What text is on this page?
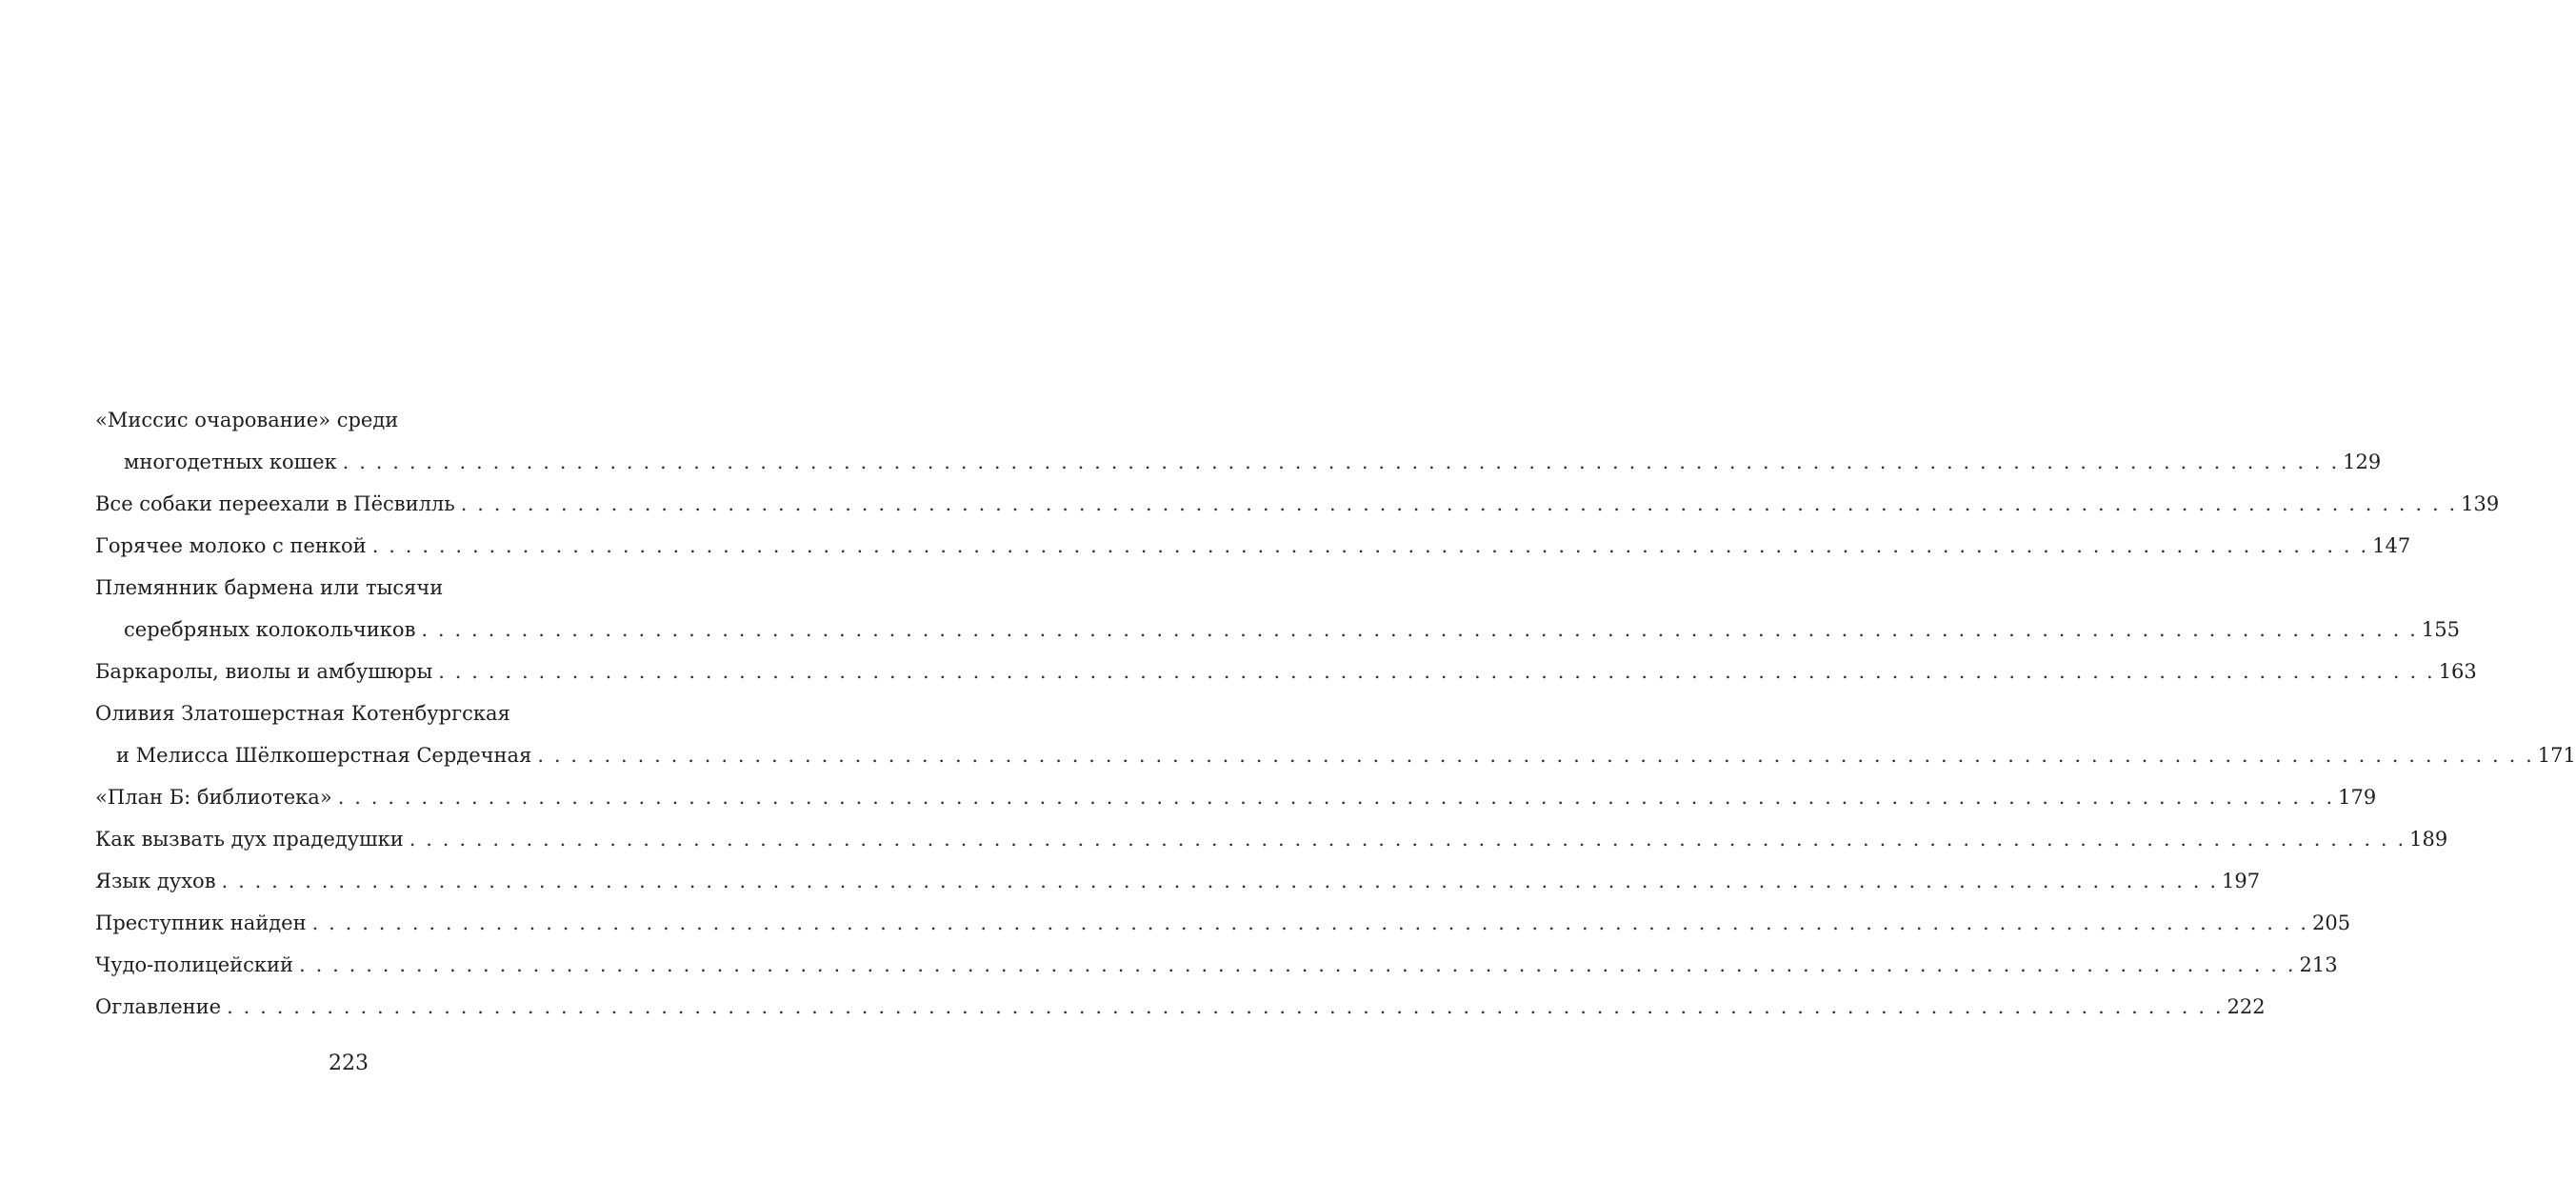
«Миссис очарование» среди
многодетных кошек .  .  .  .  .  .  .  .  .  .  .  .  .  .  .  .  .  .  .  .  .  .  .  .  .  .  .  .  .  .  .  .  .  .  .  .  .  .  .  .  .  .  .  .  .  .  .  .  .  .  .  .  .  .  .  .  .  .  .  .  .  .  .  .  .  .  .  .  .  .  .  .  .  .  .  .  .  .  .  .  .  .  .  .  .  .  .  .  .  .  .  .  .  .  .  .  .  .  .  .  .  .  .  .  .  .  .  .  .  .  .  .  .  .  .  .  .  .  .  . 129
Все собаки переехали в Пёсвилль .  .  .  .  .  .  .  .  .  .  .  .  .  .  .  .  .  .  .  .  .  .  .  .  .  .  .  .  .  .  .  .  .  .  .  .  .  .  .  .  .  .  .  .  .  .  .  .  .  .  .  .  .  .  .  .  .  .  .  .  .  .  .  .  .  .  .  .  .  .  .  .  .  .  .  .  .  .  .  .  .  .  .  .  .  .  .  .  .  .  .  .  .  .  .  .  .  .  .  .  .  .  .  .  .  .  .  .  .  .  .  .  .  .  .  .  .  .  .  . 139
Горячее молоко с пенкой .  .  .  .  .  .  .  .  .  .  .  .  .  .  .  .  .  .  .  .  .  .  .  .  .  .  .  .  .  .  .  .  .  .  .  .  .  .  .  .  .  .  .  .  .  .  .  .  .  .  .  .  .  .  .  .  .  .  .  .  .  .  .  .  .  .  .  .  .  .  .  .  .  .  .  .  .  .  .  .  .  .  .  .  .  .  .  .  .  .  .  .  .  .  .  .  .  .  .  .  .  .  .  .  .  .  .  .  .  .  .  .  .  .  .  .  .  .  .  . 147
Племянник бармена или тысячи
серебряных колокольчиков .  .  .  .  .  .  .  .  .  .  .  .  .  .  .  .  .  .  .  .  .  .  .  .  .  .  .  .  .  .  .  .  .  .  .  .  .  .  .  .  .  .  .  .  .  .  .  .  .  .  .  .  .  .  .  .  .  .  .  .  .  .  .  .  .  .  .  .  .  .  .  .  .  .  .  .  .  .  .  .  .  .  .  .  .  .  .  .  .  .  .  .  .  .  .  .  .  .  .  .  .  .  .  .  .  .  .  .  .  .  .  .  .  .  .  .  .  .  .  . 155
Баркаролы, виолы и амбушюры .  .  .  .  .  .  .  .  .  .  .  .  .  .  .  .  .  .  .  .  .  .  .  .  .  .  .  .  .  .  .  .  .  .  .  .  .  .  .  .  .  .  .  .  .  .  .  .  .  .  .  .  .  .  .  .  .  .  .  .  .  .  .  .  .  .  .  .  .  .  .  .  .  .  .  .  .  .  .  .  .  .  .  .  .  .  .  .  .  .  .  .  .  .  .  .  .  .  .  .  .  .  .  .  .  .  .  .  .  .  .  .  .  .  .  .  .  .  .  . 163
Оливия Златошерстная Котенбургская
и Мелисса Шёлкошерстная Сердечная .  .  .  .  .  .  .  .  .  .  .  .  .  .  .  .  .  .  .  .  .  .  .  .  .  .  .  .  .  .  .  .  .  .  .  .  .  .  .  .  .  .  .  .  .  .  .  .  .  .  .  .  .  .  .  .  .  .  .  .  .  .  .  .  .  .  .  .  .  .  .  .  .  .  .  .  .  .  .  .  .  .  .  .  .  .  .  .  .  .  .  .  .  .  .  .  .  .  .  .  .  .  .  .  .  .  .  .  .  .  .  .  .  .  .  .  .  .  .  . 171
«План Б: библиотека» .  .  .  .  .  .  .  .  .  .  .  .  .  .  .  .  .  .  .  .  .  .  .  .  .  .  .  .  .  .  .  .  .  .  .  .  .  .  .  .  .  .  .  .  .  .  .  .  .  .  .  .  .  .  .  .  .  .  .  .  .  .  .  .  .  .  .  .  .  .  .  .  .  .  .  .  .  .  .  .  .  .  .  .  .  .  .  .  .  .  .  .  .  .  .  .  .  .  .  .  .  .  .  .  .  .  .  .  .  .  .  .  .  .  .  .  .  .  .  . 179
Как вызвать дух прадедушки .  .  .  .  .  .  .  .  .  .  .  .  .  .  .  .  .  .  .  .  .  .  .  .  .  .  .  .  .  .  .  .  .  .  .  .  .  .  .  .  .  .  .  .  .  .  .  .  .  .  .  .  .  .  .  .  .  .  .  .  .  .  .  .  .  .  .  .  .  .  .  .  .  .  .  .  .  .  .  .  .  .  .  .  .  .  .  .  .  .  .  .  .  .  .  .  .  .  .  .  .  .  .  .  .  .  .  .  .  .  .  .  .  .  .  .  .  .  .  . 189
Язык духов .  .  .  .  .  .  .  .  .  .  .  .  .  .  .  .  .  .  .  .  .  .  .  .  .  .  .  .  .  .  .  .  .  .  .  .  .  .  .  .  .  .  .  .  .  .  .  .  .  .  .  .  .  .  .  .  .  .  .  .  .  .  .  .  .  .  .  .  .  .  .  .  .  .  .  .  .  .  .  .  .  .  .  .  .  .  .  .  .  .  .  .  .  .  .  .  .  .  .  .  .  .  .  .  .  .  .  .  .  .  .  .  .  .  .  .  .  .  .  . 197
Преступник найден .  .  .  .  .  .  .  .  .  .  .  .  .  .  .  .  .  .  .  .  .  .  .  .  .  .  .  .  .  .  .  .  .  .  .  .  .  .  .  .  .  .  .  .  .  .  .  .  .  .  .  .  .  .  .  .  .  .  .  .  .  .  .  .  .  .  .  .  .  .  .  .  .  .  .  .  .  .  .  .  .  .  .  .  .  .  .  .  .  .  .  .  .  .  .  .  .  .  .  .  .  .  .  .  .  .  .  .  .  .  .  .  .  .  .  .  .  .  .  . 205
Чудо-полицейский .  .  .  .  .  .  .  .  .  .  .  .  .  .  .  .  .  .  .  .  .  .  .  .  .  .  .  .  .  .  .  .  .  .  .  .  .  .  .  .  .  .  .  .  .  .  .  .  .  .  .  .  .  .  .  .  .  .  .  .  .  .  .  .  .  .  .  .  .  .  .  .  .  .  .  .  .  .  .  .  .  .  .  .  .  .  .  .  .  .  .  .  .  .  .  .  .  .  .  .  .  .  .  .  .  .  .  .  .  .  .  .  .  .  .  .  .  .  .  . 213
Оглавление .  .  .  .  .  .  .  .  .  .  .  .  .  .  .  .  .  .  .  .  .  .  .  .  .  .  .  .  .  .  .  .  .  .  .  .  .  .  .  .  .  .  .  .  .  .  .  .  .  .  .  .  .  .  .  .  .  .  .  .  .  .  .  .  .  .  .  .  .  .  .  .  .  .  .  .  .  .  .  .  .  .  .  .  .  .  .  .  .  .  .  .  .  .  .  .  .  .  .  .  .  .  .  .  .  .  .  .  .  .  .  .  .  .  .  .  .  .  .  . 222
223
